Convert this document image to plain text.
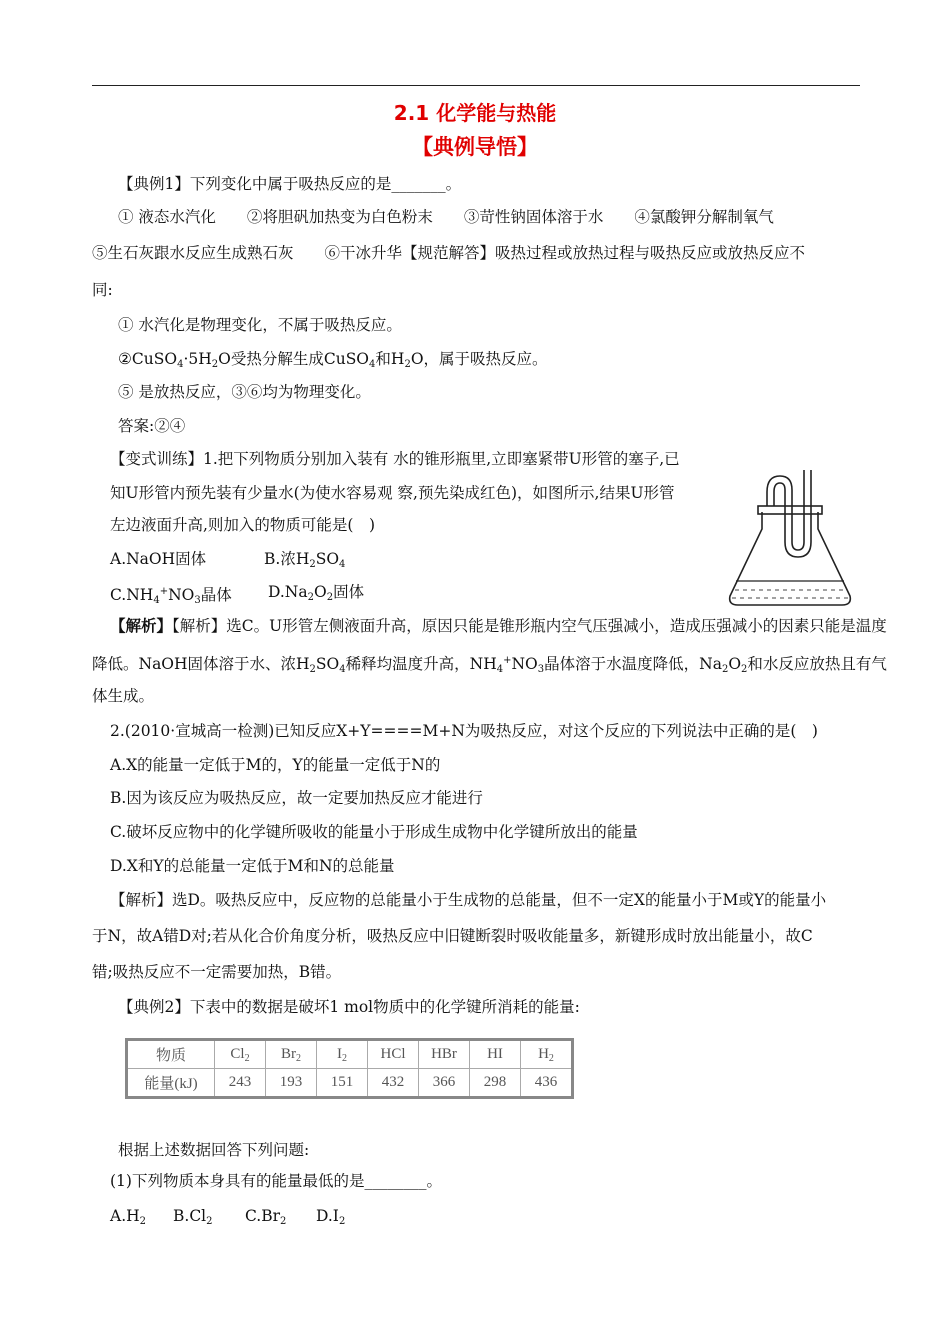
2.1 化学能与热能
【典例导悟】
【典例1】下列变化中属于吸热反应的是_______。
① 液态水汽化　　②将胆矾加热变为白色粉末　　③苛性钠固体溶于水　　④氯酸钾分解制氧气
⑤生石灰跟水反应生成熟石灰　　⑥干冰升华【规范解答】吸热过程或放热过程与吸热反应或放热反应不
同:
① 水汽化是物理变化，不属于吸热反应。
$②CuSO_4\cdot 5H_2O$受热分解生成CuSO$_4$和$H_2O$，属于吸热反应。
⑤ 是放热反应，③⑥均为物理变化。
答案:②④
【变式训练】1.把下列物质分别加入装有 水的锥形瓶里,立即塞紧带U形管的塞子,已
知U形管内预先装有少量水(为使水容易观 察,预先染成红色)，如图所示,结果U形管
左边液面升高,则加入的物质可能是(　)
A.NaOH固体	B.浓$H_2SO_4$
$C.NH_4^+NO_3$晶体 $D.Na_2O_2$固体
【解析】【解析】选C。U形管左侧液面升高，原因只能是锥形瓶内空气压强减小，造成压强减小的因素只能是温度
降低。NaOH固体溶于水、浓$H_2SO_4$稀释均温度升高，$NH_4^+NO_3$晶体溶于水温度降低，$Na_2O_2$和水反应放热且有气
体生成。
2.(2010·宣城高一检测)已知反应X+Y====M+N为吸热反应，对这个反应的下列说法中正确的是(　)
A.X的能量一定低于M的，Y的能量一定低于N的
B.因为该反应为吸热反应，故一定要加热反应才能进行
C.破坏反应物中的化学键所吸收的能量小于形成生成物中化学键所放出的能量
D.X和Y的总能量一定低于M和N的总能量
【解析】选D。吸热反应中，反应物的总能量小于生成物的总能量，但不一定X的能量小于M或Y的能量小
于N，故A错D对;若从化合价角度分析，吸热反应中旧键断裂时吸收能量多，新键形成时放出能量小，故C
错;吸热反应不一定需要加热，B错。
【典例2】下表中的数据是破坏1 mol物质中的化学键所消耗的能量:
物质	$Cl_2$	$Br_2$	$I_2$	HCl	HBr	HI	$H_2$
能量(kJ)	243	193	151	432	366	298	436
根据上述数据回答下列问题:
(1)下列物质本身具有的能量最低的是________。
$A.H_2$ $B.Cl_2$ $C.Br_2$ $D.I_2$
